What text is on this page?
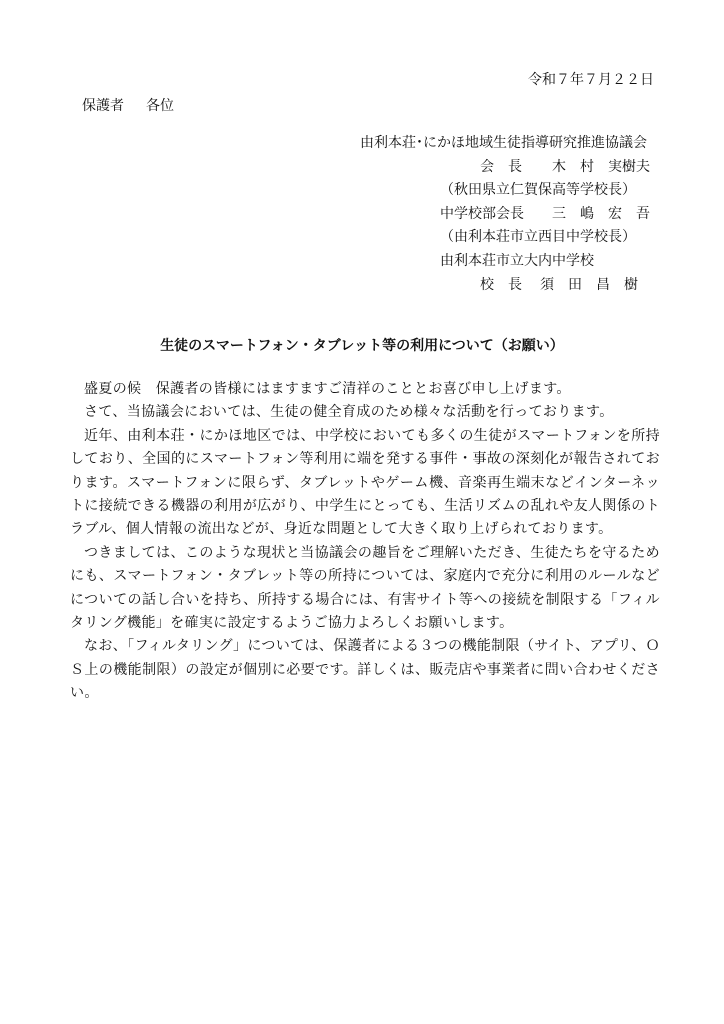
令和７年７月２２日
保護者 各位
由利本荘･にかほ地域生徒指導研究推進協議会
会　長 木　村　実樹夫
（秋田県立仁賀保高等学校長）
中学校部会長 三　嶋　宏　吾
（由利本荘市立西目中学校長）
由利本荘市立大内中学校
校　長 須　田　昌　樹
生徒のスマートフォン・タブレット等の利用について（お願い）

盛夏の候　保護者の皆様にはますますご清祥のこととお喜び申し上げます。

さて、当協議会においては、生徒の健全育成のため様々な活動を行っております。

近年、由利本荘・にかほ地区では、中学校においても多くの生徒がスマートフォンを所持しており、全国的にスマートフォン等利用に端を発する事件・事故の深刻化が報告されております。スマートフォンに限らず、タブレットやゲーム機、音楽再生端末などインターネットに接続できる機器の利用が広がり、中学生にとっても、生活リズムの乱れや友人関係のトラブル、個人情報の流出などが、身近な問題として大きく取り上げられております。

つきましては、このような現状と当協議会の趣旨をご理解いただき、生徒たちを守るためにも、スマートフォン・タブレット等の所持については、家庭内で充分に利用のルールなどについての話し合いを持ち、所持する場合には、有害サイト等への接続を制限する「フィルタリング機能」を確実に設定するようご協力よろしくお願いします。

なお、「フィルタリング」については、保護者による３つの機能制限（サイト、アプリ、ＯＳ上の機能制限）の設定が個別に必要です。詳しくは、販売店や事業者に問い合わせください。
